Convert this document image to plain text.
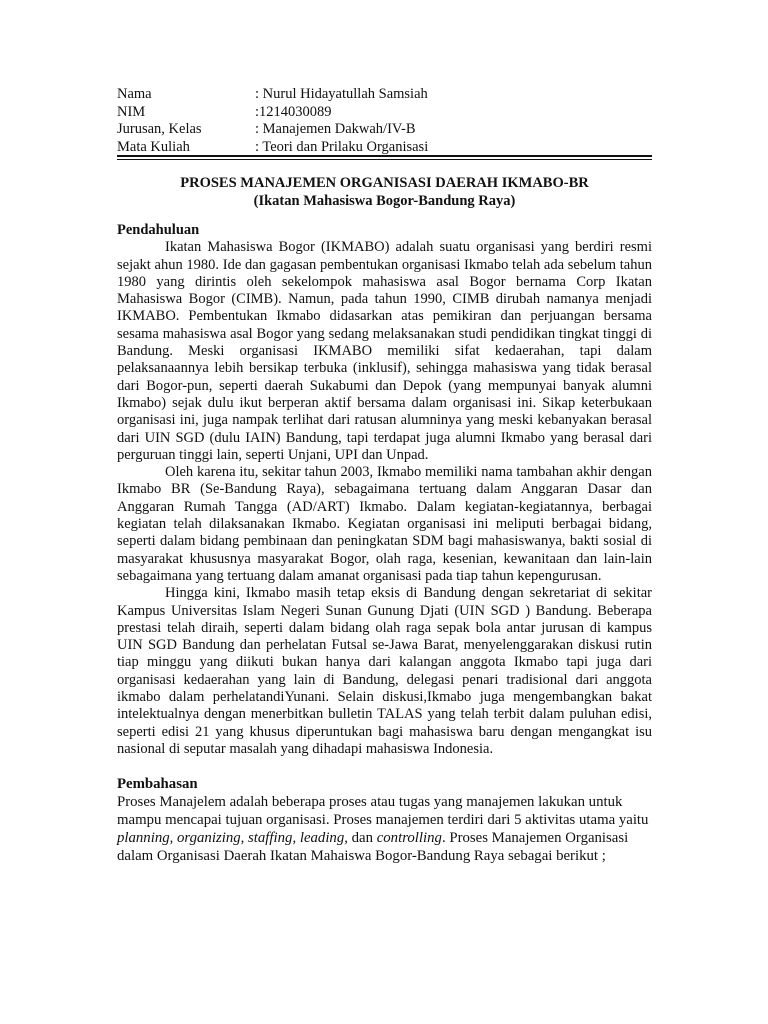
Nama	: Nurul Hidayatullah Samsiah
NIM	:1214030089
Jurusan, Kelas	: Manajemen Dakwah/IV-B
Mata Kuliah	: Teori dan Prilaku Organisasi
PROSES MANAJEMEN ORGANISASI DAERAH IKMABO-BR
(Ikatan Mahasiswa Bogor-Bandung Raya)
Pendahuluan

Ikatan Mahasiswa Bogor (IKMABO) adalah suatu organisasi yang berdiri resmi sejakt ahun 1980. Ide dan gagasan pembentukan organisasi Ikmabo telah ada sebelum tahun 1980 yang dirintis oleh sekelompok mahasiswa asal Bogor bernama Corp Ikatan Mahasiswa Bogor (CIMB). Namun, pada tahun 1990, CIMB dirubah namanya menjadi IKMABO. Pembentukan Ikmabo didasarkan atas pemikiran dan perjuangan bersama sesama mahasiswa asal Bogor yang sedang melaksanakan studi pendidikan tingkat tinggi di Bandung. Meski organisasi IKMABO memiliki sifat kedaerahan, tapi dalam pelaksanaannya lebih bersikap terbuka (inklusif), sehingga mahasiswa yang tidak berasal dari Bogor-pun, seperti daerah Sukabumi dan Depok (yang mempunyai banyak alumni Ikmabo) sejak dulu ikut berperan aktif bersama dalam organisasi ini. Sikap keterbukaan organisasi ini, juga nampak terlihat dari ratusan alumninya yang meski kebanyakan berasal dari UIN SGD (dulu IAIN) Bandung, tapi terdapat juga alumni Ikmabo yang berasal dari perguruan tinggi lain, seperti Unjani, UPI dan Unpad.

Oleh karena itu, sekitar tahun 2003, Ikmabo memiliki nama tambahan akhir dengan Ikmabo BR (Se-Bandung Raya), sebagaimana tertuang dalam Anggaran Dasar dan Anggaran Rumah Tangga (AD/ART) Ikmabo. Dalam kegiatan-kegiatannya, berbagai kegiatan telah dilaksanakan Ikmabo. Kegiatan organisasi ini meliputi berbagai bidang, seperti dalam bidang pembinaan dan peningkatan SDM bagi mahasiswanya, bakti sosial di masyarakat khususnya masyarakat Bogor, olah raga, kesenian, kewanitaan dan lain-lain sebagaimana yang tertuang dalam amanat organisasi pada tiap tahun kepengurusan.

Hingga kini, Ikmabo masih tetap eksis di Bandung dengan sekretariat di sekitar Kampus Universitas Islam Negeri Sunan Gunung Djati (UIN SGD ) Bandung. Beberapa prestasi telah diraih, seperti dalam bidang olah raga sepak bola antar jurusan di kampus UIN SGD Bandung dan perhelatan Futsal se-Jawa Barat, menyelenggarakan diskusi rutin tiap minggu yang diikuti bukan hanya dari kalangan anggota Ikmabo tapi juga dari organisasi kedaerahan yang lain di Bandung, delegasi penari tradisional dari anggota ikmabo dalam perhelatandiYunani. Selain diskusi,Ikmabo juga mengembangkan bakat intelektualnya dengan menerbitkan bulletin TALAS yang telah terbit dalam puluhan edisi, seperti edisi 21 yang khusus diperuntukan bagi mahasiswa baru dengan mengangkat isu nasional di seputar masalah yang dihadapi mahasiswa Indonesia.

Pembahasan

Proses Manajelem adalah beberapa proses atau tugas yang manajemen lakukan untuk mampu mencapai tujuan organisasi. Proses manajemen terdiri dari 5 aktivitas utama yaitu planning, organizing, staffing, leading, dan controlling. Proses Manajemen Organisasi dalam Organisasi Daerah Ikatan Mahaiswa Bogor-Bandung Raya sebagai berikut ;
